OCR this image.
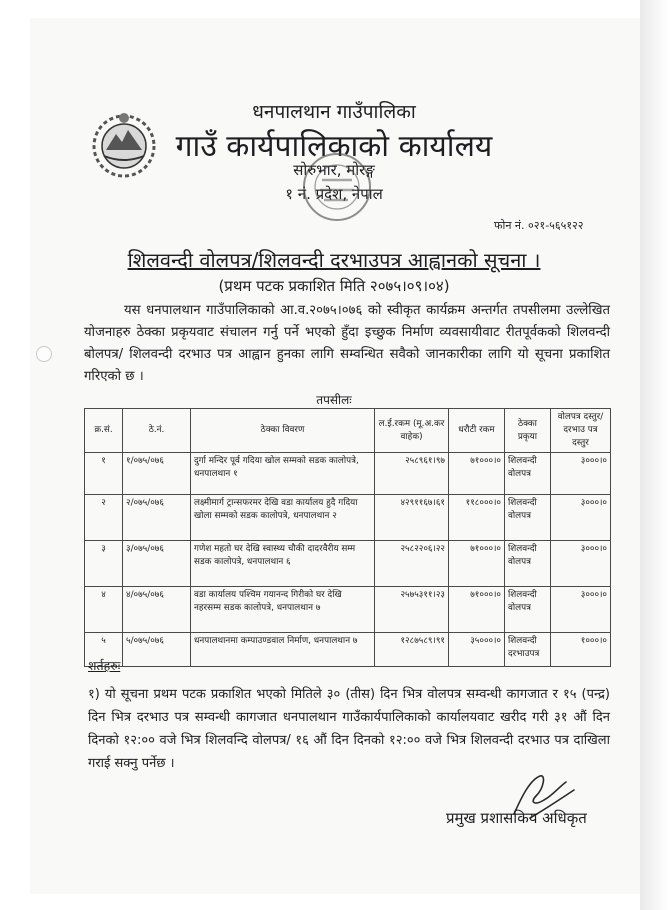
धनपालथान गाउँपालिका
गाउँ कार्यपालिकाको कार्यालय
सोरुभार, मोरङ्ग
१ नं. प्रदेश, नेपाल
फोन नं. ०२१-५६५१२२
शिलवन्दी वोलपत्र/शिलवन्दी दरभाउपत्र आह्वानको सूचना ।
(प्रथम पटक प्रकाशित मिति २०७५।०९।०४)

यस धनपालथान गाउँपालिकाको आ.व.२०७५।०७६ को स्वीकृत कार्यक्रम अन्तर्गत तपसीलमा उल्लेखित योजनाहरु ठेक्का प्रकृयवाट संचालन गर्नु पर्ने भएको हुँदा इच्छुक निर्माण व्यवसायीवाट रीतपूर्वकको शिलवन्दी बोलपत्र/ शिलवन्दी दरभाउ पत्र आह्वान हुनका लागि सम्वन्धित सवैको जानकारीका लागि यो सूचना प्रकाशित गरिएको छ ।

तपसीलः
क्र.सं.	ठे.नं.	ठेक्का विवरण	ल.ई.रकम (मू.अ.कर वाहेक)	धरौटी रकम	ठेक्का प्रकृया	वोलपत्र दस्तुर/ दरभाउ पत्र दस्तुर
१	१/०७५/०७६	दुर्गा मन्दिर पूर्व गदिया खोल सम्मको सडक कालोपत्रे, धनपालथान १	२५८९६१।९७	७१०००।०	शिलवन्दी वोलपत्र	३०००।०
२	२/०७५/०७६	लक्ष्मीमार्ग ट्रान्सफरमर देखि वडा कार्यालय हुदै गदिया खोला सम्मको सडक कालोपत्रे, धनपालथान २	४२९११६७।६१	११८०००।०	शिलवन्दी वोलपत्र	३०००।०
३	३/०७५/०७६	गणेश महतो घर देखि स्वास्थ्य चौकी दादरवैरीय सम्म सडक कालोपत्रे, धनपालथान ६	२५८२२०६।२२	७१०००।०	शिलवन्दी वोलपत्र	३०००।०
४	४/०७५/०७६	वडा कार्यालय पश्चिम गयानन्द गिरीको घर देखि नहरसम्म सडक कालोपत्रे, धनपालथान ७	२५७५३११।२३	७१०००।०	शिलवन्दी वोलपत्र	३०००।०
५	५/०७५/०७६	धनपालथानमा कम्पाउण्डवाल निर्माण, धनपालथान ७	१२८७५८९।९१	३५०००।०	शिलवन्दी दरभाउपत्र	१०००।०
शर्तहरुः

१) यो सूचना प्रथम पटक प्रकाशित भएको मितिले ३० (तीस) दिन भित्र वोलपत्र सम्वन्धी कागजात र १५ (पन्द्र) दिन भित्र दरभाउ पत्र सम्वन्धी कागजात धनपालथान गाउँकार्यपालिकाको कार्यालयवाट खरीद गरी ३१ औं दिन दिनको १२:०० वजे भित्र शिलवन्दि वोलपत्र/ १६ औं दिन दिनको १२:०० वजे भित्र शिलवन्दी दरभाउ पत्र दाखिला गराई सक्नु पर्नेछ ।

प्रमुख प्रशासकिय अधिकृत
